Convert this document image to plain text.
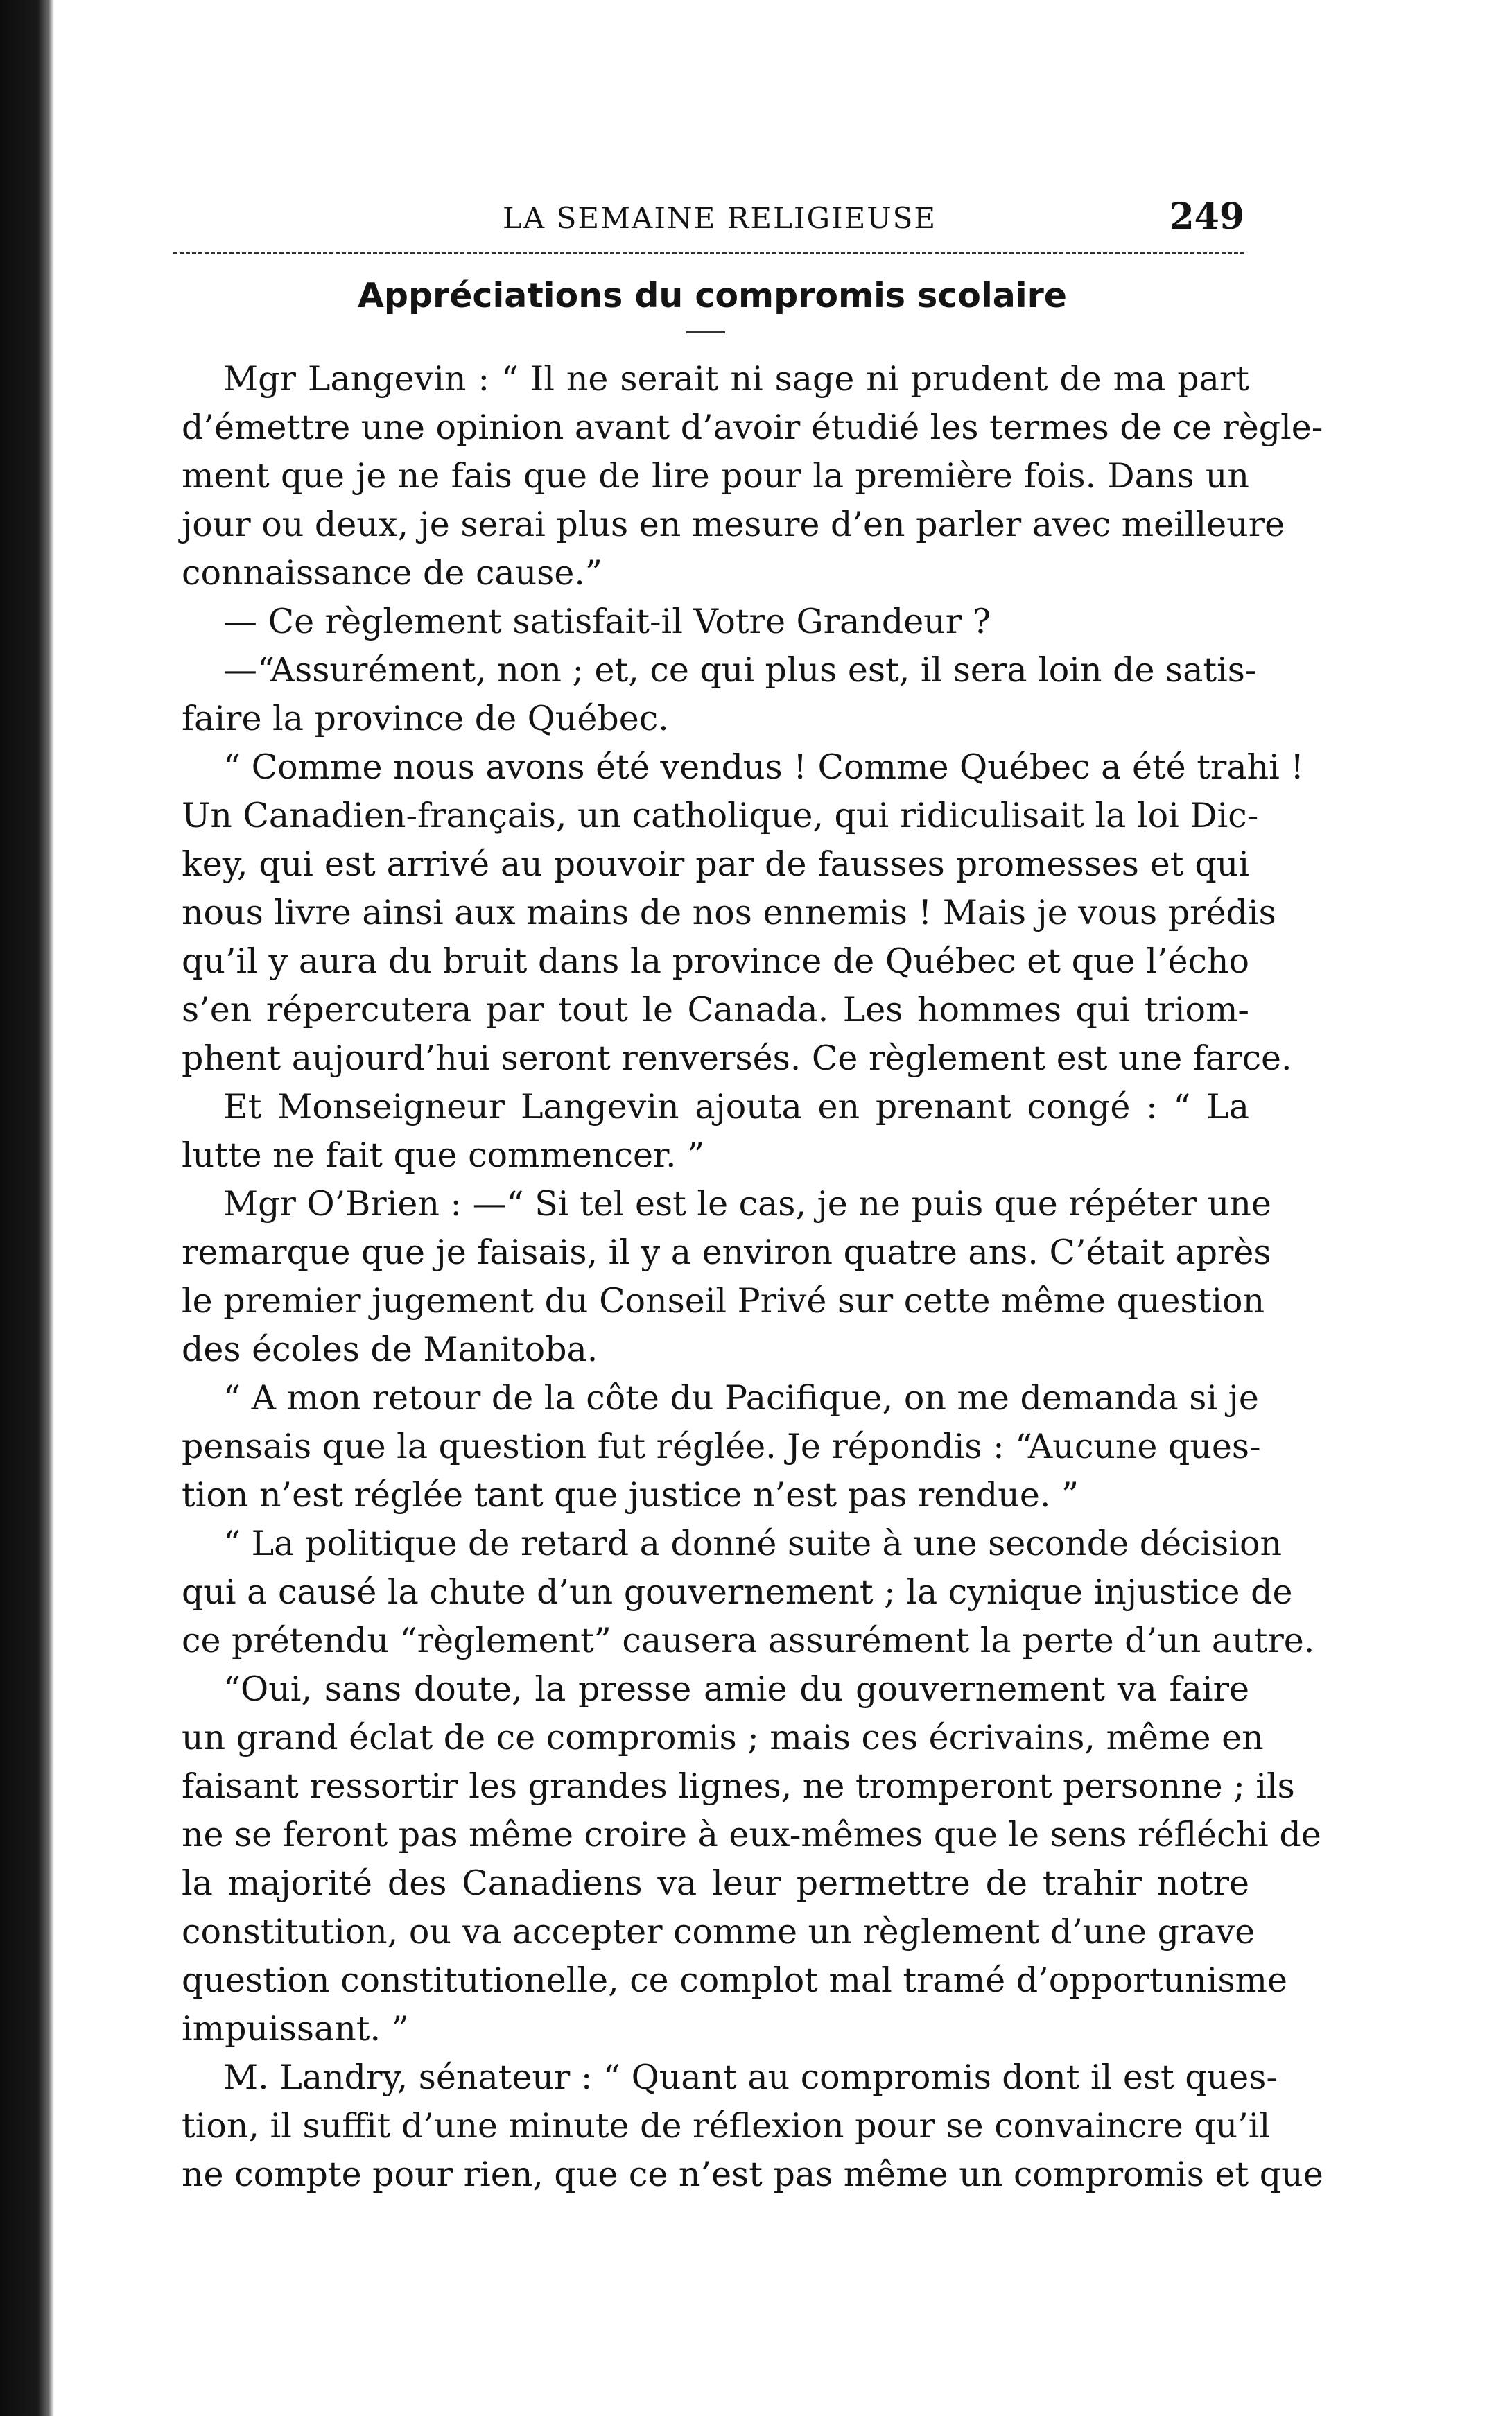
LA SEMAINE RELIGIEUSE	249
Appréciations du compromis scolaire
Mgr Langevin : “ Il ne serait ni sage ni prudent de ma part
d’émettre une opinion avant d’avoir étudié les termes de ce règle-
ment que je ne fais que de lire pour la première fois. Dans un
jour ou deux, je serai plus en mesure d’en parler avec meilleure
connaissance de cause.”
— Ce règlement satisfait-il Votre Grandeur ?
—“Assurément, non ; et, ce qui plus est, il sera loin de satis-
faire la province de Québec.
“ Comme nous avons été vendus ! Comme Québec a été trahi !
Un Canadien-français, un catholique, qui ridiculisait la loi Dic-
key, qui est arrivé au pouvoir par de fausses promesses et qui
nous livre ainsi aux mains de nos ennemis ! Mais je vous prédis
qu’il y aura du bruit dans la province de Québec et que l’écho
s’en répercutera par tout le Canada. Les hommes qui triom-
phent aujourd’hui seront renversés. Ce règlement est une farce.
Et Monseigneur Langevin ajouta en prenant congé : “ La
lutte ne fait que commencer. ”
Mgr O’Brien : —“ Si tel est le cas, je ne puis que répéter une
remarque que je faisais, il y a environ quatre ans. C’était après
le premier jugement du Conseil Privé sur cette même question
des écoles de Manitoba.
“ A mon retour de la côte du Pacifique, on me demanda si je
pensais que la question fut réglée. Je répondis : “Aucune ques-
tion n’est réglée tant que justice n’est pas rendue. ”
“ La politique de retard a donné suite à une seconde décision
qui a causé la chute d’un gouvernement ; la cynique injustice de
ce prétendu “règlement” causera assurément la perte d’un autre.
“Oui, sans doute, la presse amie du gouvernement va faire
un grand éclat de ce compromis ; mais ces écrivains, même en
faisant ressortir les grandes lignes, ne tromperont personne ; ils
ne se feront pas même croire à eux-mêmes que le sens réfléchi de
la majorité des Canadiens va leur permettre de trahir notre
constitution, ou va accepter comme un règlement d’une grave
question constitutionelle, ce complot mal tramé d’opportunisme
impuissant. ”
M. Landry, sénateur : “ Quant au compromis dont il est ques-
tion, il suffit d’une minute de réflexion pour se convaincre qu’il
ne compte pour rien, que ce n’est pas même un compromis et que
